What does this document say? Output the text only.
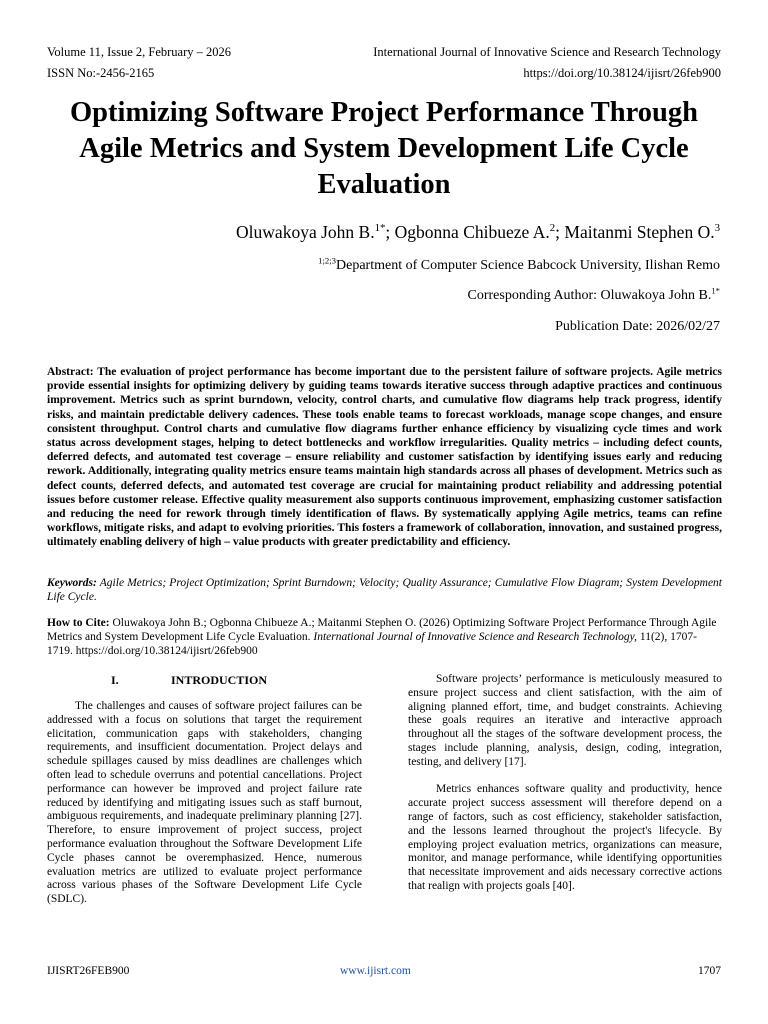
Volume 11, Issue 2, February – 2026	International Journal of Innovative Science and Research Technology
ISSN No:-2456-2165	https://doi.org/10.38124/ijisrt/26feb900
Optimizing Software Project Performance Through Agile Metrics and System Development Life Cycle Evaluation
Oluwakoya John B.$^{1*}$; Ogbonna Chibueze A.$^2$; Maitanmi Stephen O.$^3$
$^{1;2;3}$Department of Computer Science Babcock University, Ilishan Remo
Corresponding Author: Oluwakoya John B.$^{1*}$
Publication Date: 2026/02/27

Abstract: The evaluation of project performance has become important due to the persistent failure of software projects. Agile metrics provide essential insights for optimizing delivery by guiding teams towards iterative success through adaptive practices and continuous improvement. Metrics such as sprint burndown, velocity, control charts, and cumulative flow diagrams help track progress, identify risks, and maintain predictable delivery cadences. These tools enable teams to forecast workloads, manage scope changes, and ensure consistent throughput. Control charts and cumulative flow diagrams further enhance efficiency by visualizing cycle times and work status across development stages, helping to detect bottlenecks and workflow irregularities. Quality metrics – including defect counts, deferred defects, and automated test coverage – ensure reliability and customer satisfaction by identifying issues early and reducing rework. Additionally, integrating quality metrics ensure teams maintain high standards across all phases of development. Metrics such as defect counts, deferred defects, and automated test coverage are crucial for maintaining product reliability and addressing potential issues before customer release. Effective quality measurement also supports continuous improvement, emphasizing customer satisfaction and reducing the need for rework through timely identification of flaws. By systematically applying Agile metrics, teams can refine workflows, mitigate risks, and adapt to evolving priorities. This fosters a framework of collaboration, innovation, and sustained progress, ultimately enabling delivery of high – value products with greater predictability and efficiency.

Keywords: Agile Metrics; Project Optimization; Sprint Burndown; Velocity; Quality Assurance; Cumulative Flow Diagram; System Development Life Cycle.

How to Cite: Oluwakoya John B.; Ogbonna Chibueze A.; Maitanmi Stephen O. (2026) Optimizing Software Project Performance Through Agile Metrics and System Development Life Cycle Evaluation. International Journal of Innovative Science and Research Technology, 11(2), 1707-1719. https://doi.org/10.38124/ijisrt/26feb900

I.	INTRODUCTION

The challenges and causes of software project failures can be addressed with a focus on solutions that target the requirement elicitation, communication gaps with stakeholders, changing requirements, and insufficient documentation. Project delays and schedule spillages caused by miss deadlines are challenges which often lead to schedule overruns and potential cancellations. Project performance can however be improved and project failure rate reduced by identifying and mitigating issues such as staff burnout, ambiguous requirements, and inadequate preliminary planning [27]. Therefore, to ensure improvement of project success, project performance evaluation throughout the Software Development Life Cycle phases cannot be overemphasized. Hence, numerous evaluation metrics are utilized to evaluate project performance across various phases of the Software Development Life Cycle (SDLC).

Software projects’ performance is meticulously measured to ensure project success and client satisfaction, with the aim of aligning planned effort, time, and budget constraints. Achieving these goals requires an iterative and interactive approach throughout all the stages of the software development process, the stages include planning, analysis, design, coding, integration, testing, and delivery [17].

Metrics enhances software quality and productivity, hence accurate project success assessment will therefore depend on a range of factors, such as cost efficiency, stakeholder satisfaction, and the lessons learned throughout the project's lifecycle. By employing project evaluation metrics, organizations can measure, monitor, and manage performance, while identifying opportunities that necessitate improvement and aids necessary corrective actions that realign with projects goals [40].

IJISRT26FEB900	www.ijisrt.com	1707
